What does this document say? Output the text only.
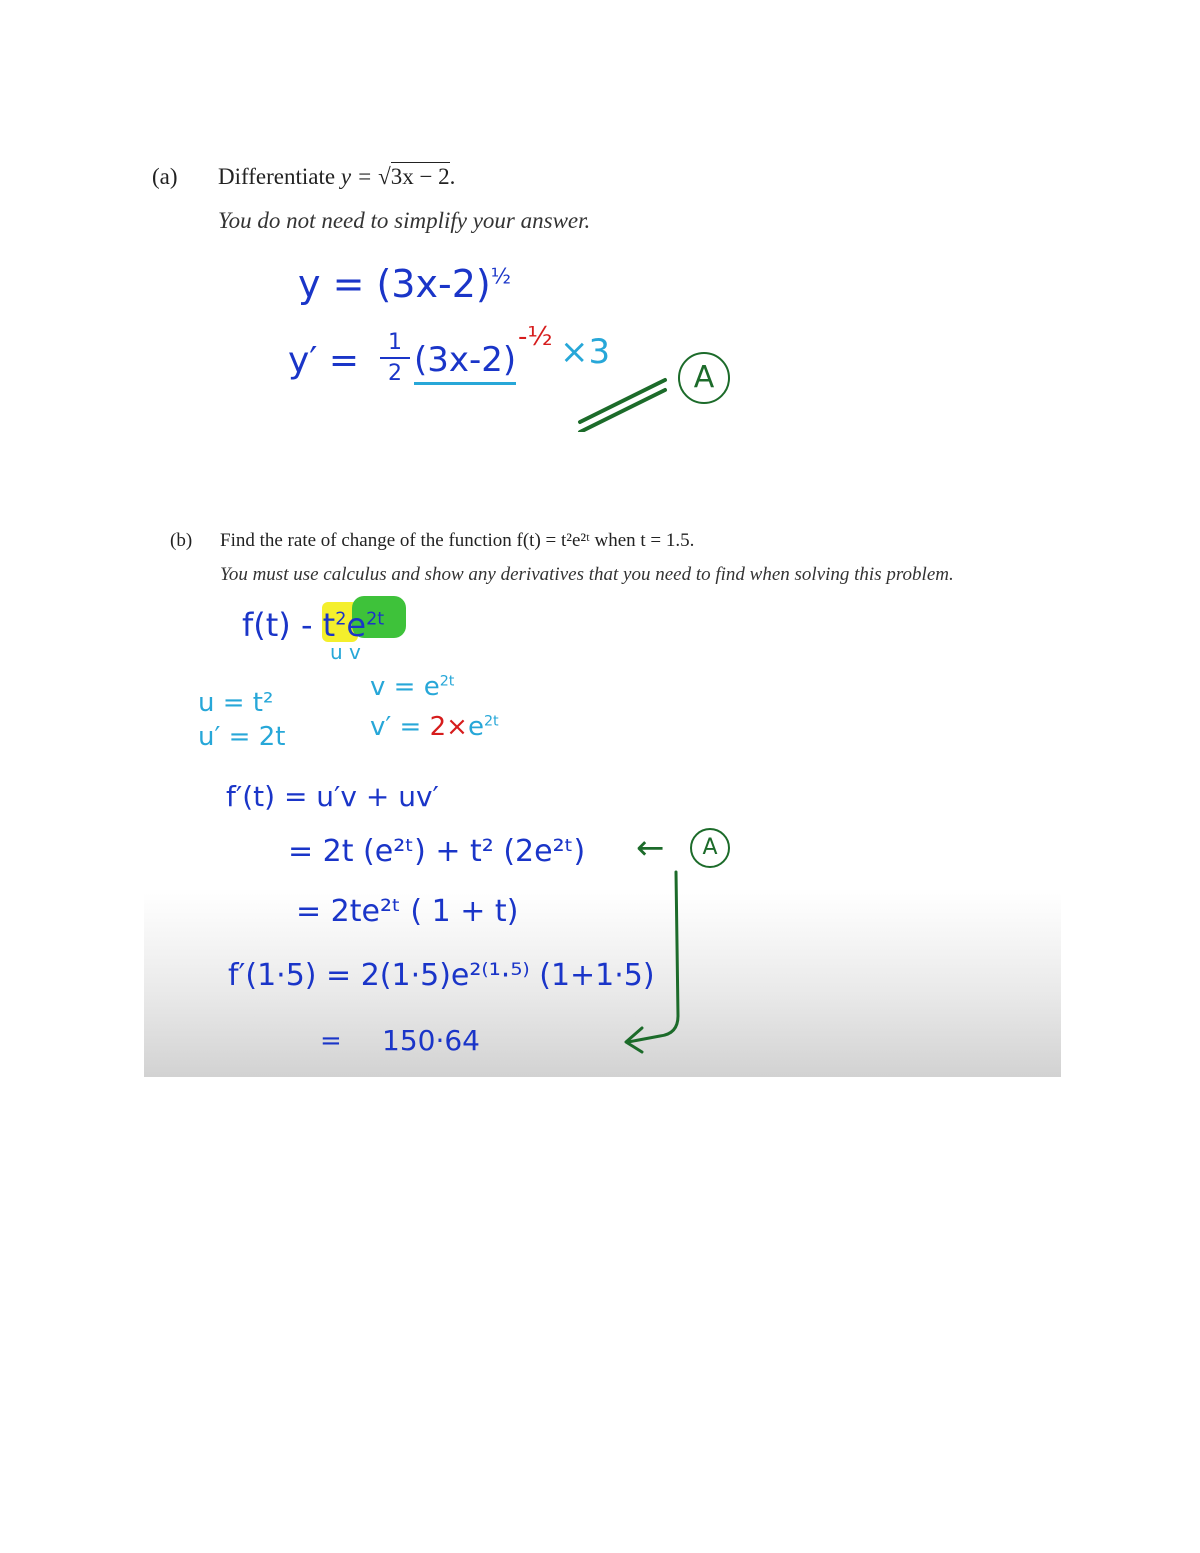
(a) Differentiate y = √3x − 2.
You do not need to simplify your answer.
$y = (3x-2)^{\frac{1}{2}}$
y′ =	1
2 (3x-2)
-½ ×3
A
(b) Find the rate of change of the function f(t) = t²e²ᵗ when t = 1.5.
You must use calculus and show any derivatives that you need to find when solving this problem.
$f(t) - t^2e^{2t}$
u v
u = t²
u′ = 2t
$v = e^{2t}$
$v' = 2\times e^{2t}$
f′(t) = u′v + uv′
= 2t (e²ᵗ) + t² (2e²ᵗ) ←	A
= 2te²ᵗ ( 1 + t)
f′(1·5) = 2(1·5)e²⁽¹·⁵⁾ (1+1·5)
= 150·64
